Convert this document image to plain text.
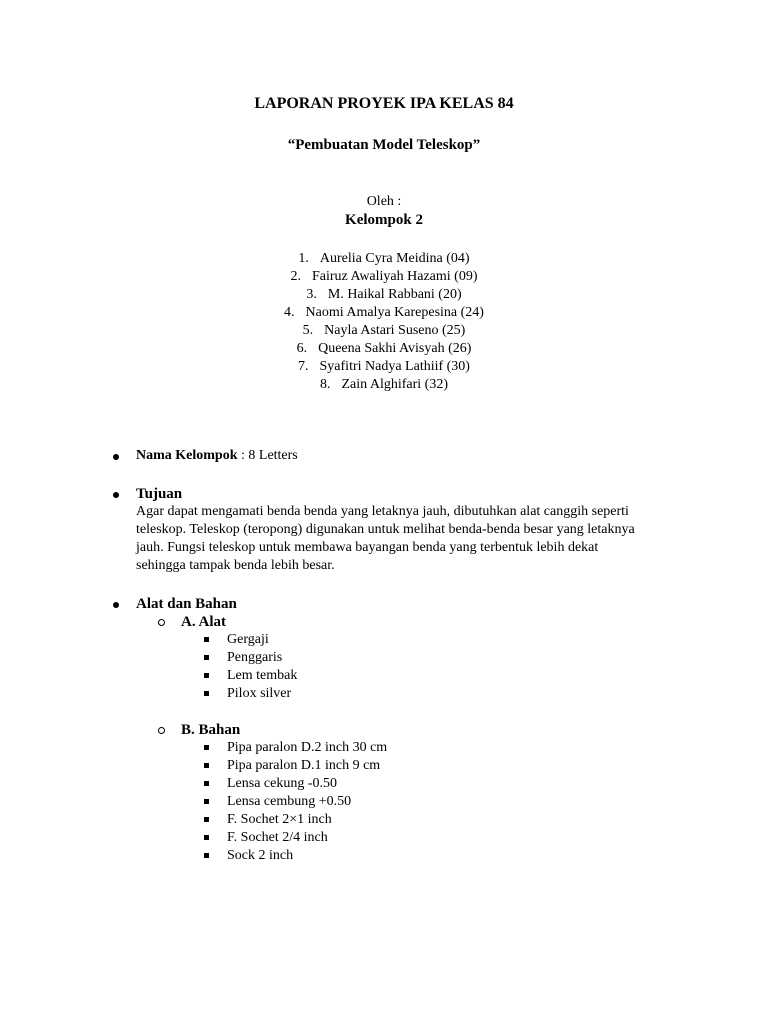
LAPORAN PROYEK IPA KELAS 84
“Pembuatan Model Teleskop”
Oleh :
Kelompok 2
1. Aurelia Cyra Meidina (04)
2. Fairuz Awaliyah Hazami (09)
3. M. Haikal Rabbani (20)
4. Naomi Amalya Karepesina (24)
5. Nayla Astari Suseno (25)
6. Queena Sakhi Avisyah (26)
7. Syafitri Nadya Lathiif (30)
8. Zain Alghifari (32)
Nama Kelompok : 8 Letters
Tujuan
Agar dapat mengamati benda benda yang letaknya jauh, dibutuhkan alat canggih seperti
teleskop. Teleskop (teropong) digunakan untuk melihat benda-benda besar yang letaknya
jauh. Fungsi teleskop untuk membawa bayangan benda yang terbentuk lebih dekat
sehingga tampak benda lebih besar.
Alat dan Bahan
A. Alat
Gergaji
Penggaris
Lem tembak
Pilox silver
B. Bahan
Pipa paralon D.2 inch 30 cm
Pipa paralon D.1 inch 9 cm
Lensa cekung -0.50
Lensa cembung +0.50
F. Sochet 2×1 inch
F. Sochet 2/4 inch
Sock 2 inch
